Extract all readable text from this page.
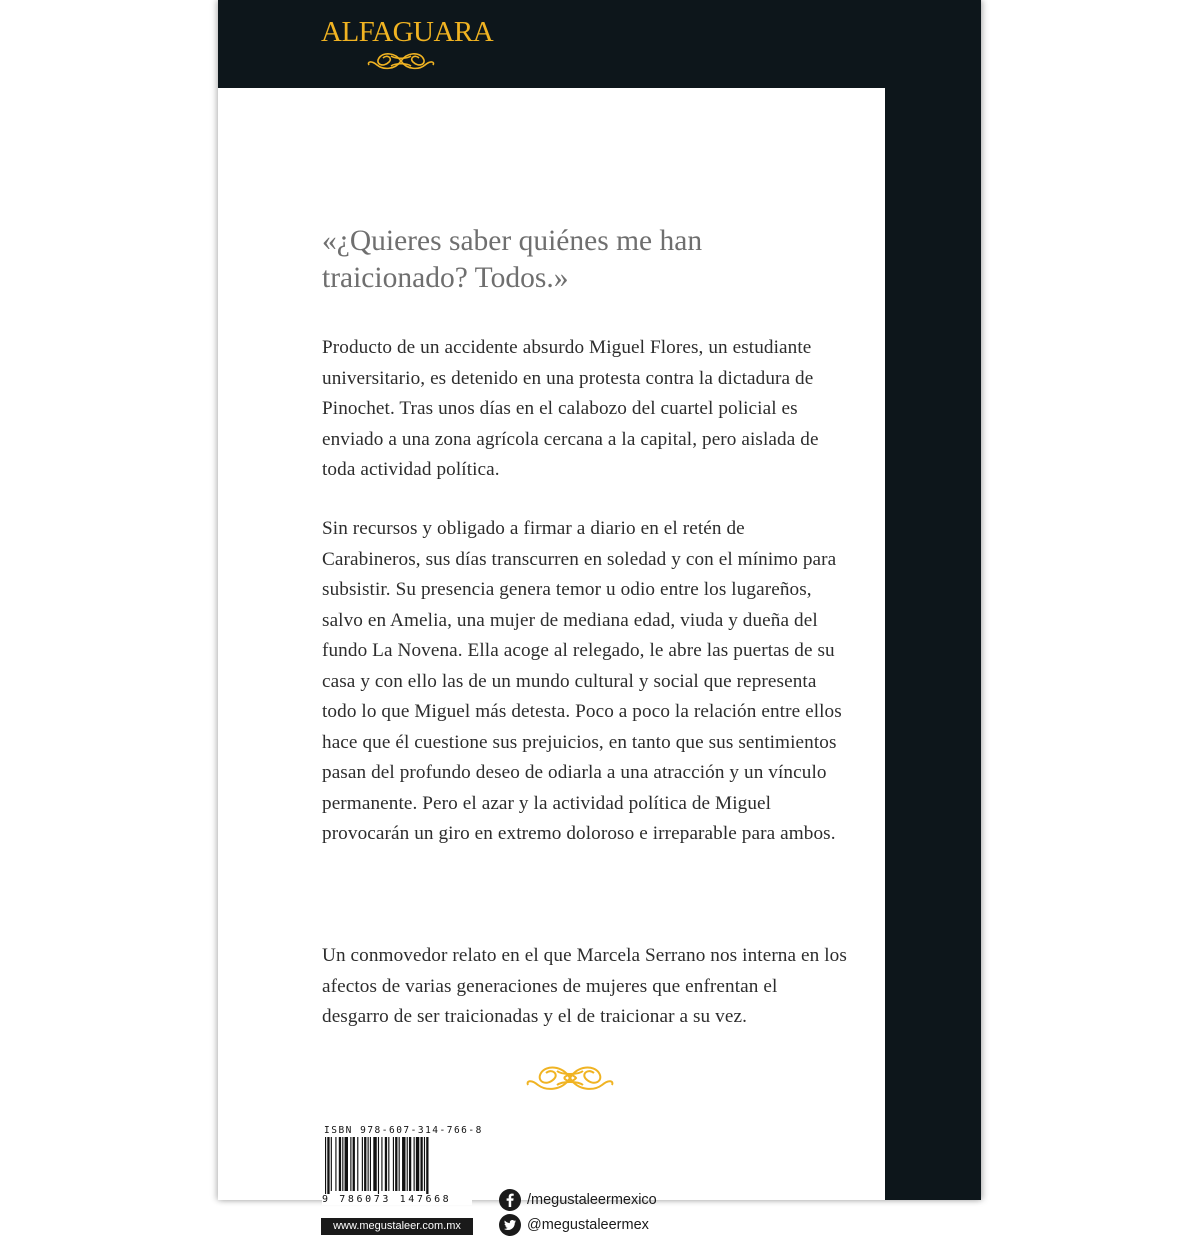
ALFAGUARA
«¿Quieres saber quiénes me han
traicionado? Todos.»

Producto de un accidente absurdo Miguel Flores, un estudiante universitario, es detenido en una protesta contra la dictadura de Pinochet. Tras unos días en el calabozo del cuartel policial es enviado a una zona agrícola cercana a la capital, pero aislada de toda actividad política.

Sin recursos y obligado a firmar a diario en el retén de Carabineros, sus días transcurren en soledad y con el mínimo para subsistir. Su presencia genera temor u odio entre los lugareños, salvo en Amelia, una mujer de mediana edad, viuda y dueña del fundo La Novena. Ella acoge al relegado, le abre las puertas de su casa y con ello las de un mundo cultural y social que representa todo lo que Miguel más detesta. Poco a poco la relación entre ellos hace que él cuestione sus prejuicios, en tanto que sus sentimientos pasan del profundo deseo de odiarla a una atracción y un vínculo permanente. Pero el azar y la actividad política de Miguel provocarán un giro en extremo doloroso e irreparable para ambos.

Un conmovedor relato en el que Marcela Serrano nos interna en los afectos de varias generaciones de mujeres que enfrentan el desgarro de ser traicionadas y el de traicionar a su vez.

ISBN 978-607-314-766-8
9 786073 147668
www.megustaleer.com.mx
/megustaleermexico
@megustaleermex
